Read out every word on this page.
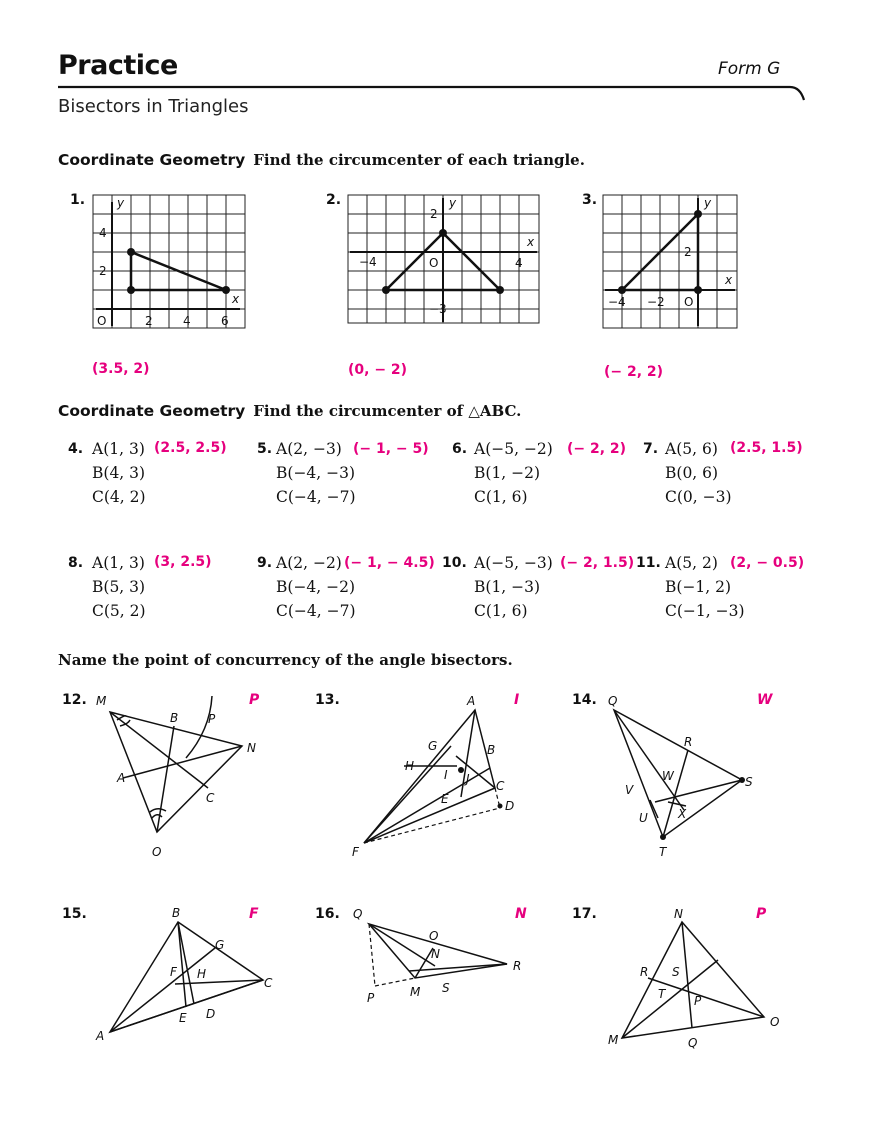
Practice	Form G
Bisectors in Triangles
Coordinate Geometry Find the circumcenter of each triangle.
1.	2.	3.
y
x
4
2
O	2	4	6
y
x
2
−4	O	4
−3
y
x
2
−4 −2 O
(3.5, 2)	(0, − 2)	(− 2, 2)
Coordinate Geometry Find the circumcenter of △ABC.
4. A(1, 3)
B(4, 3)
C(4, 2)
(2.5, 2.5) 5. A(2, −3)
B(−4, −3)
C(−4, −7)
(− 1, − 5) 6. A(−5, −2)
B(1, −2)
C(1, 6)
(− 2, 2) 7. A(5, 6)
B(0, 6)
C(0, −3)
(2.5, 1.5)
8. A(1, 3)
B(5, 3)
C(5, 2)
(3, 2.5)	9. A(2, −2)
B(−4, −2)
C(−4, −7)
(− 1, − 4.5) 10. A(−5, −3)
B(1, −3)
C(1, 6)
(− 2, 1.5) 11. A(5, 2)
B(−1, 2)
C(−1, −3)
(2, − 0.5)
Name the point of concurrency of the angle bisectors.
12.	P	13.	I	14.	W
M
B P
N
A
C
O
A
G	B
H
I J C
E	D
F
Q
R
W	S
V
U	X
T
15.	F	16.	N	17.	P
B
G
F H
C
E D
A
Q
O
N
R
P	M S
N
R S
T P
O
M	Q
